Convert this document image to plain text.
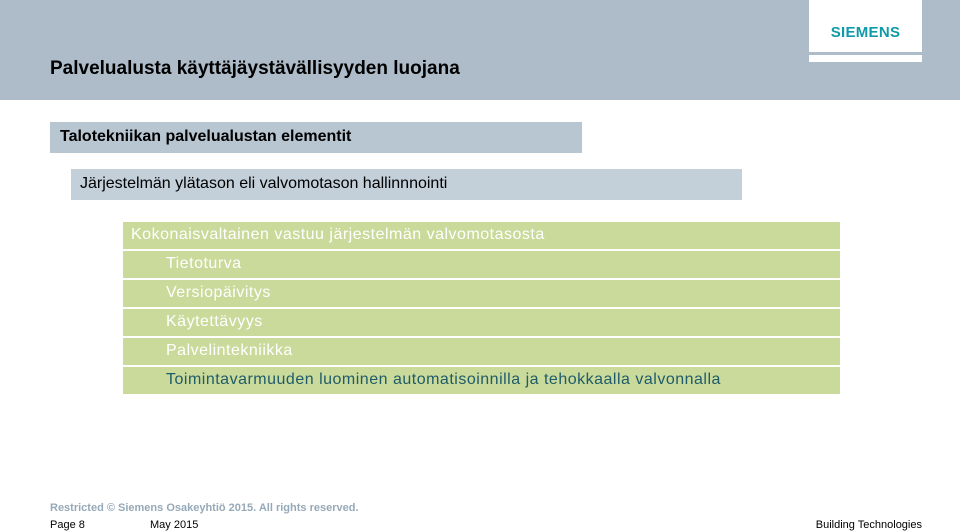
Palvelualusta käyttäjäystävällisyyden luojana
SIEMENS
Talotekniikan palvelualustan elementit
Järjestelmän ylätason eli valvomotason hallinnnointi
Kokonaisvaltainen vastuu järjestelmän valvomotasosta
Tietoturva
Versiopäivitys
Käytettävyys
Palvelintekniikka
Toimintavarmuuden luominen automatisoinnilla ja tehokkaalla valvonnalla
Restricted © Siemens Osakeyhtiö 2015. All rights reserved.
Page 8	May 2015	Building Technologies
